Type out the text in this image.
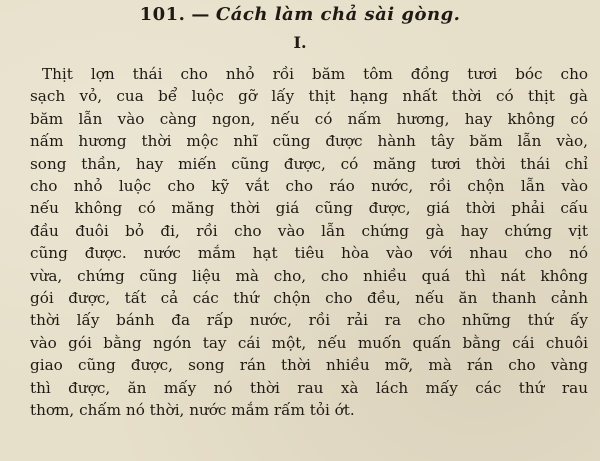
101. — Cách làm chả sài gòng.
I.
Thịt lợn thái cho nhỏ rồi băm tôm đồng tươi bóc cho
sạch vỏ, cua bể luộc gỡ lấy thịt hạng nhất thời có thịt gà
băm lẫn vào càng ngon, nếu có nấm hương, hay không có
nấm hương thời mộc nhĩ cũng được hành tây băm lẫn vào,
song thần, hay miến cũng được, có măng tươi thời thái chỉ
cho nhỏ luộc cho kỹ vắt cho ráo nước, rồi chộn lẫn vào
nếu không có măng thời giá cũng được, giá thời phải cấu
đầu đuôi bỏ đi, rồi cho vào lẫn chứng gà hay chứng vịt
cũng được. nước mắm hạt tiêu hòa vào với nhau cho nó
vừa, chứng cũng liệu mà cho, cho nhiều quá thì nát không
gói được, tất cả các thứ chộn cho đều, nếu ăn thanh cảnh
thời lấy bánh đa rấp nước, rồi rải ra cho những thứ ấy
vào gói bằng ngón tay cái một, nếu muốn quấn bằng cái chuôi
giao cũng được, song rán thời nhiều mỡ, mà rán cho vàng
thì được, ăn mấy nó thời rau xà lách mấy các thứ rau
thơm, chấm nó thời, nước mắm rấm tỏi ớt.
